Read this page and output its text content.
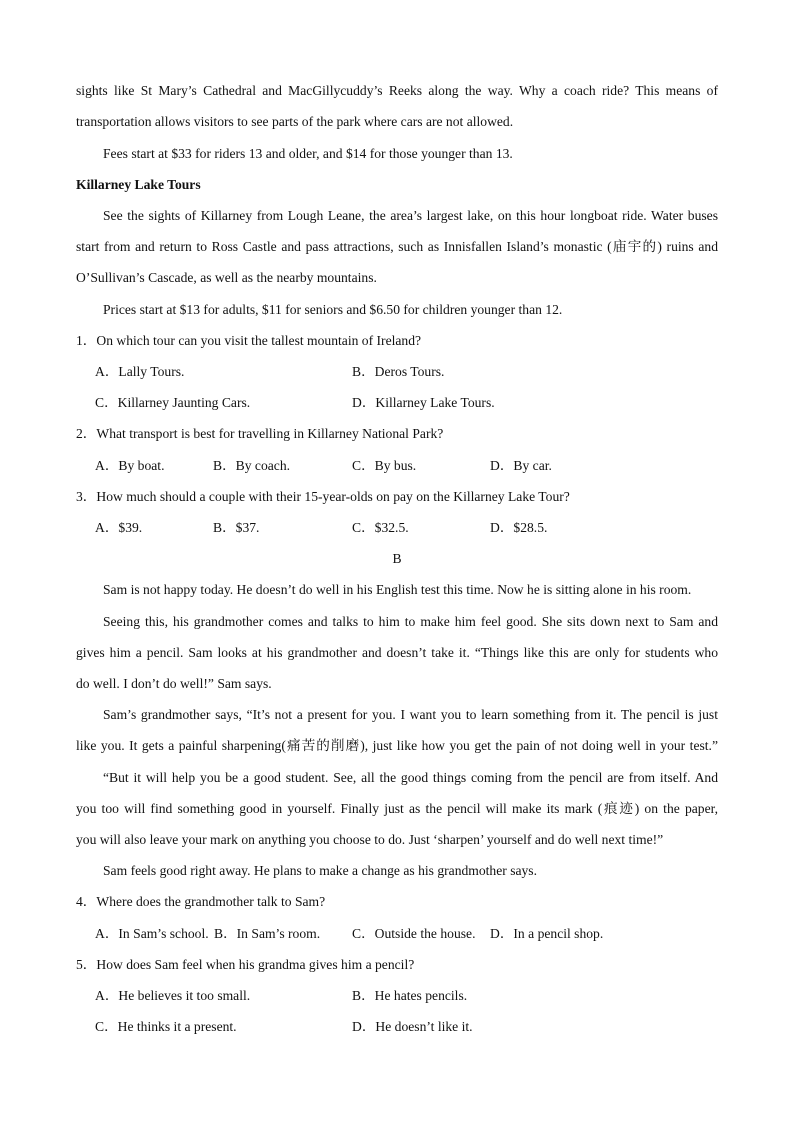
sights like St Mary’s Cathedral and MacGillycuddy’s Reeks along the way. Why a coach ride? This means of
transportation allows visitors to see parts of the park where cars are not allowed.
Fees start at $33 for riders 13 and older, and $14 for those younger than 13.
Killarney Lake Tours
See the sights of Killarney from Lough Leane, the area’s largest lake, on this hour longboat ride. Water buses
start from and return to Ross Castle and pass attractions, such as Innisfallen Island’s monastic (庙宇的) ruins and
O’Sullivan’s Cascade, as well as the nearby mountains.
Prices start at $13 for adults, $11 for seniors and $6.50 for children younger than 12.
1．On which tour can you visit the tallest mountain of Ireland?
A．Lally Tours.	B．Deros Tours.
C．Killarney Jaunting Cars.	D．Killarney Lake Tours.
2．What transport is best for travelling in Killarney National Park?
A．By boat.	B．By coach.	C．By bus.	D．By car.
3．How much should a couple with their 15-year-olds on pay on the Killarney Lake Tour?
A．$39.	B．$37.	C．$32.5.	D．$28.5.
B
Sam is not happy today. He doesn’t do well in his English test this time. Now he is sitting alone in his room.
Seeing this, his grandmother comes and talks to him to make him feel good. She sits down next to Sam and
gives him a pencil. Sam looks at his grandmother and doesn’t take it. “Things like this are only for students who
do well. I don’t do well!” Sam says.
Sam’s grandmother says, “It’s not a present for you. I want you to learn something from it. The pencil is just
like you. It gets a painful sharpening(痛苦的削磨), just like how you get the pain of not doing well in your test.”
“But it will help you be a good student. See, all the good things coming from the pencil are from itself. And
you too will find something good in yourself. Finally just as the pencil will make its mark (痕迹) on the paper,
you will also leave your mark on anything you choose to do. Just ‘sharpen’ yourself and do well next time!”
Sam feels good right away. He plans to make a change as his grandmother says.
4．Where does the grandmother talk to Sam?
A．In Sam’s school. B．In Sam’s room. C．Outside the house. D．In a pencil shop.
5．How does Sam feel when his grandma gives him a pencil?
A．He believes it too small.	B．He hates pencils.
C．He thinks it a present.	D．He doesn’t like it.
